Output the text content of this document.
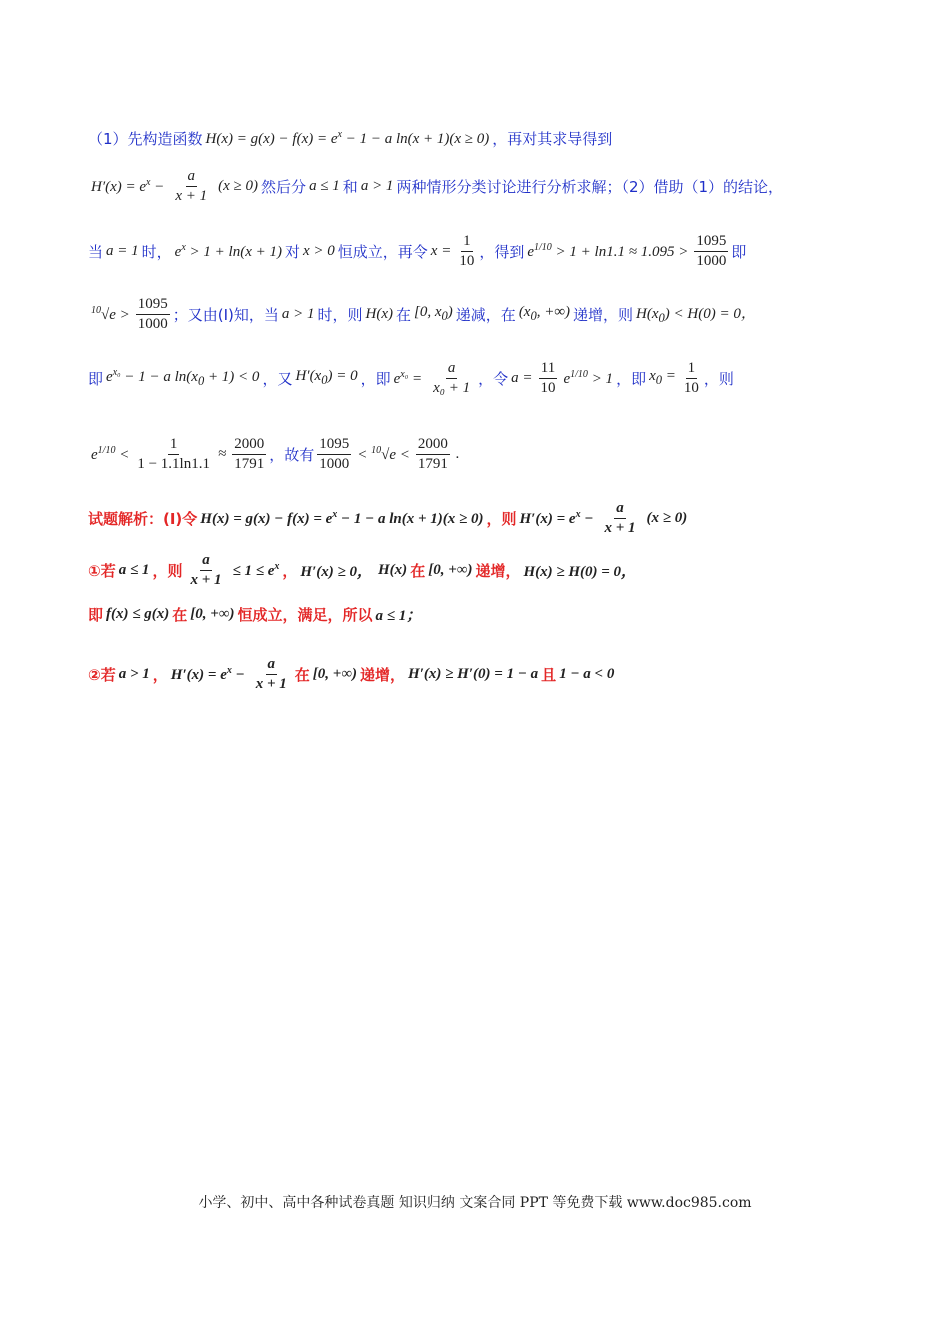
（1）先构造函数 $H(x) = g(x) - f(x) = e^x - 1 - a$ ln(x + 1)(x ≥ 0) ，再对其求导得到
$H'(x) = e^x - \frac{a}{x + 1} (x \ge 0)$ 然后分 a ≤ 1 和 a > 1 两种情形分类讨论进行分析求解；（2）借助（1）的结论，
当 a = 1 时， $e^x > 1 + \ln(x + 1)$ 对 x > 0 恒成立， 再令 $x = \frac{1}{10}$ ，得到 $e^{1/10} > 1 + \ln 1.1 \approx 1.095 > \frac{1095}{1000}$ 即
$^{10}√e > \frac{1095}{1000}$ ；又由(I)知，当 a > 1 时，则 H(x) 在 [0, $x_0$) 递减，在 ($x_0$, +∞) 递增，则 $H(x_0) < H(0) = 0$，
即 $e^{x_0} - 1 - a$ $\ln(x_0 + 1) < 0$ ，又 $H'(x_0) = 0$ ，即 $e^{x_0} = \frac{a}{\text{x₀ + 1}}$ ，令 $a = \frac{11}{10} e^{1/10} > 1$ ，即 $x_0 = \frac{1}{10}$ ，则
$e^{1/10} < \frac{1}{1 - 1.1\ln 1.1} \approx \frac{2000}{1791}$ ，故有 $\frac{1095}{1000} < ^{10}√e < \frac{2000}{1791}$ .
试题解析：(Ⅰ)令 $H(x) = g(x) - f(x) = e^x - 1 - a$ ln(x + 1)(x ≥ 0) ，则 $H'(x) = e^x - \frac{a}{x + 1} (x \ge 0)$
①若 a ≤ 1 ，则 $\frac{a}{x + 1} \le 1 \le e^x$ ， H′(x) ≥ 0， H(x) 在 [0, +∞) 递增， H(x) ≥ H(0) = 0，
即 f(x) ≤ g(x) 在 [0, +∞) 恒成立，满足，所以 a ≤ 1；
②若 a > 1 ， $H'(x) = e^x - \frac{a}{x + 1}$ 在 [0, +∞) 递增， H′(x) ≥ H′(0) = 1 − a 且 1 − a < 0
小学、初中、高中各种试卷真题 知识归纳 文案合同 PPT 等免费下载 www.doc985.com
